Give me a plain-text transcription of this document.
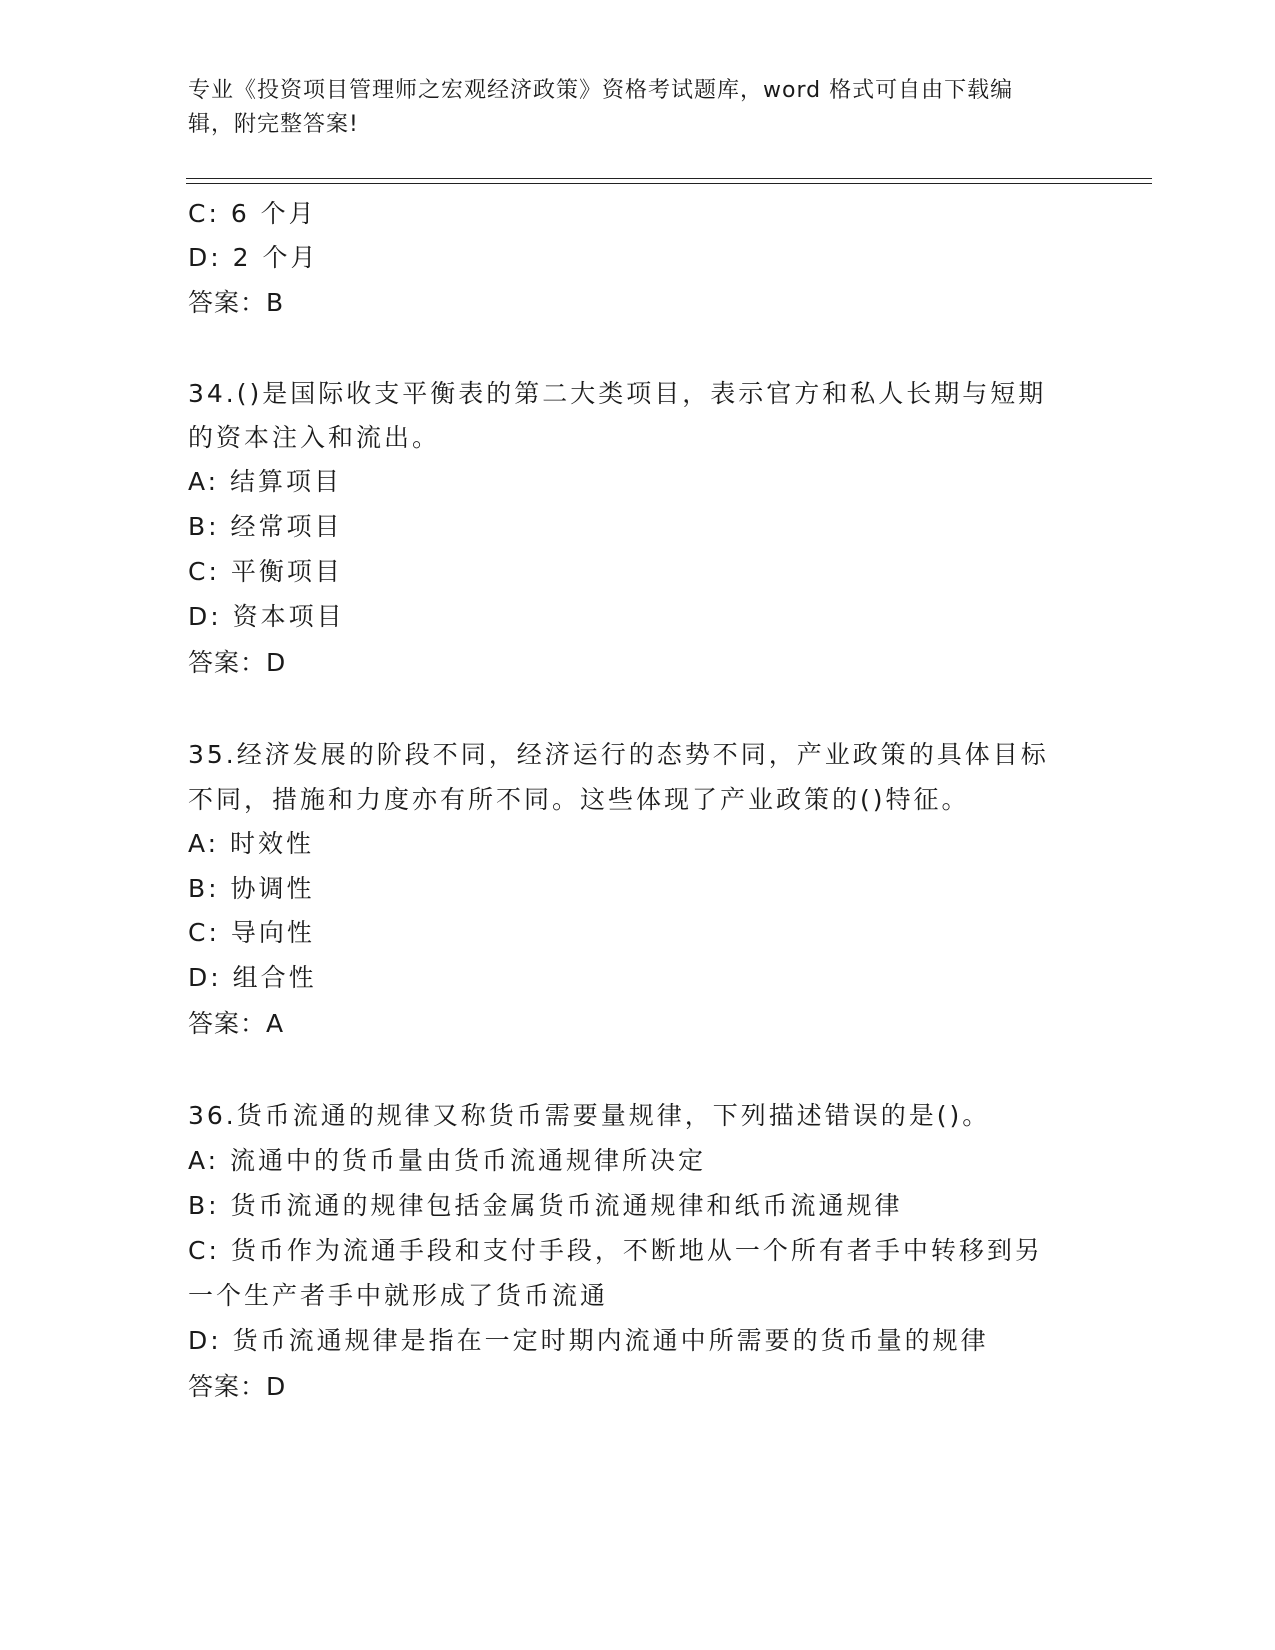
专业《投资项目管理师之宏观经济政策》资格考试题库，word 格式可自由下载编
辑，附完整答案!
C: 6 个月
D: 2 个月
答案：B
34.()是国际收支平衡表的第二大类项目，表示官方和私人长期与短期
的资本注入和流出。
A: 结算项目
B: 经常项目
C: 平衡项目
D: 资本项目
答案：D
35.经济发展的阶段不同，经济运行的态势不同，产业政策的具体目标
不同，措施和力度亦有所不同。这些体现了产业政策的()特征。
A: 时效性
B: 协调性
C: 导向性
D: 组合性
答案：A
36.货币流通的规律又称货币需要量规律，下列描述错误的是()。
A: 流通中的货币量由货币流通规律所决定
B: 货币流通的规律包括金属货币流通规律和纸币流通规律
C: 货币作为流通手段和支付手段，不断地从一个所有者手中转移到另
一个生产者手中就形成了货币流通
D: 货币流通规律是指在一定时期内流通中所需要的货币量的规律
答案：D
